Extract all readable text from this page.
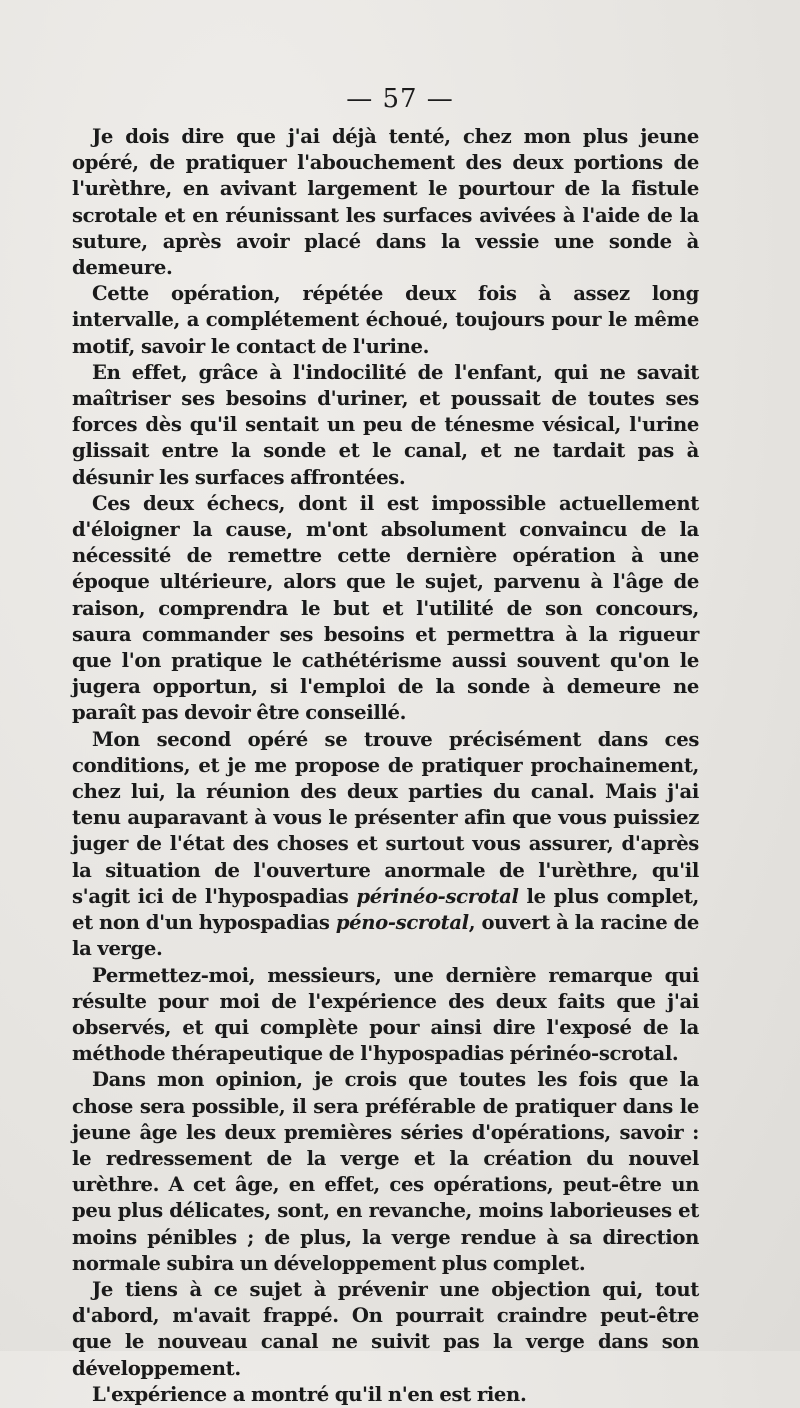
— 57 —

Je dois dire que j'ai déjà tenté, chez mon plus jeune opéré, de pratiquer l'abouchement des deux portions de l'urèthre, en avivant largement le pourtour de la fistule scrotale et en réunissant les surfaces avivées à l'aide de la suture, après avoir placé dans la vessie une sonde à demeure.

Cette opération, répétée deux fois à assez long intervalle, a complétement échoué, toujours pour le même motif, savoir le contact de l'urine.

En effet, grâce à l'indocilité de l'enfant, qui ne savait maîtriser ses besoins d'uriner, et poussait de toutes ses forces dès qu'il sentait un peu de ténesme vésical, l'urine glissait entre la sonde et le canal, et ne tardait pas à désunir les surfaces affrontées.

Ces deux échecs, dont il est impossible actuellement d'éloigner la cause, m'ont absolument convaincu de la nécessité de remettre cette dernière opération à une époque ultérieure, alors que le sujet, parvenu à l'âge de raison, comprendra le but et l'utilité de son concours, saura commander ses besoins et permettra à la rigueur que l'on pratique le cathétérisme aussi souvent qu'on le jugera opportun, si l'emploi de la sonde à demeure ne paraît pas devoir être conseillé.

Mon second opéré se trouve précisément dans ces conditions, et je me propose de pratiquer prochainement, chez lui, la réunion des deux parties du canal. Mais j'ai tenu auparavant à vous le présenter afin que vous puissiez juger de l'état des choses et surtout vous assurer, d'après la situation de l'ouverture anormale de l'urèthre, qu'il s'agit ici de l'hypospadias périnéo-scrotal le plus complet, et non d'un hypospadias péno-scrotal, ouvert à la racine de la verge.

Permettez-moi, messieurs, une dernière remarque qui résulte pour moi de l'expérience des deux faits que j'ai observés, et qui complète pour ainsi dire l'exposé de la méthode thérapeutique de l'hypospadias périnéo-scrotal.

Dans mon opinion, je crois que toutes les fois que la chose sera possible, il sera préférable de pratiquer dans le jeune âge les deux premières séries d'opérations, savoir : le redressement de la verge et la création du nouvel urèthre. A cet âge, en effet, ces opérations, peut-être un peu plus délicates, sont, en revanche, moins laborieuses et moins pénibles ; de plus, la verge rendue à sa direction normale subira un développement plus complet.

Je tiens à ce sujet à prévenir une objection qui, tout d'abord, m'avait frappé. On pourrait craindre peut-être que le nouveau canal ne suivit pas la verge dans son développement.

L'expérience a montré qu'il n'en est rien.
